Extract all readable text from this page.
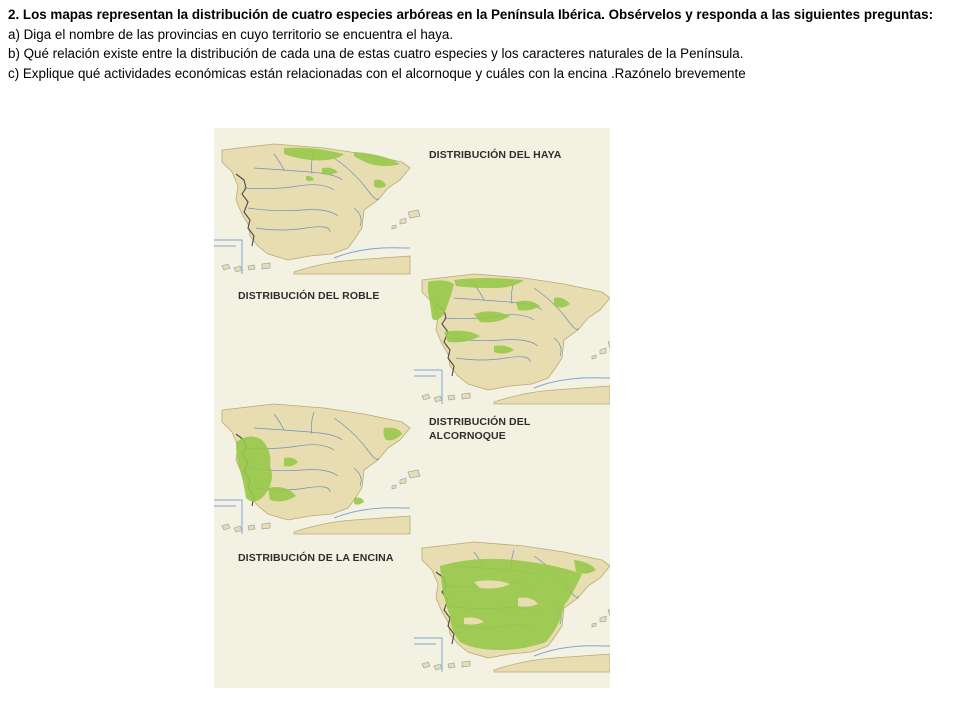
2. Los mapas representan la distribución de cuatro especies arbóreas en la Península Ibérica. Obsérvelos y responda a las siguientes preguntas:

a) Diga el nombre de las provincias en cuyo territorio se encuentra el haya.

b) Qué relación existe entre la distribución de cada una de estas cuatro especies y los caracteres naturales de la Península.

c) Explique qué actividades económicas están relacionadas con el alcornoque y cuáles con la encina .Razónelo brevemente

DISTRIBUCIÓN DEL HAYA
DISTRIBUCIÓN DEL ROBLE
DISTRIBUCIÓN DEL
ALCORNOQUE
DISTRIBUCIÓN DE LA ENCINA
